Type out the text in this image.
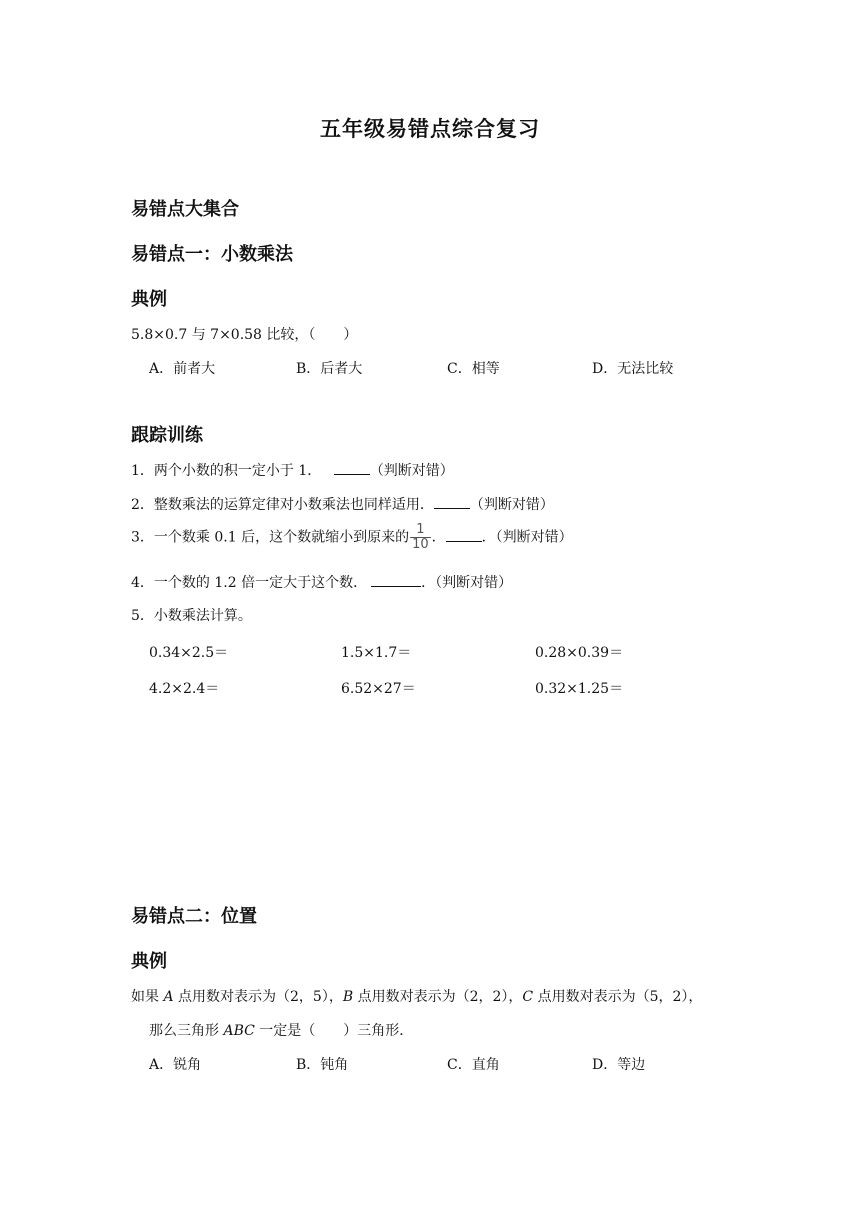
五年级易错点综合复习
易错点大集合
易错点一：小数乘法
典例
5.8×0.7 与 7×0.58 比较，（　　）
A．前者大	B．后者大	C．相等	D．无法比较
跟踪训练
1．两个小数的积一定小于 1．	（判断对错）
2．整数乘法的运算定律对小数乘法也同样适用．	（判断对错）
3．一个数乘 0.1 后，这个数就缩小到原来的 $\frac{1}{10}$ ．	．（判断对错）
4．一个数的 1.2 倍一定大于这个数．	．（判断对错）
5．小数乘法计算。
0.34×2.5＝	1.5×1.7＝	0.28×0.39＝
4.2×2.4＝	6.52×27＝	0.32×1.25＝
易错点二：位置
典例
如果 A 点用数对表示为（2，5），B 点用数对表示为（2，2），C 点用数对表示为（5，2），
那么三角形 ABC 一定是（　　）三角形．
A．锐角	B．钝角	C．直角	D．等边
